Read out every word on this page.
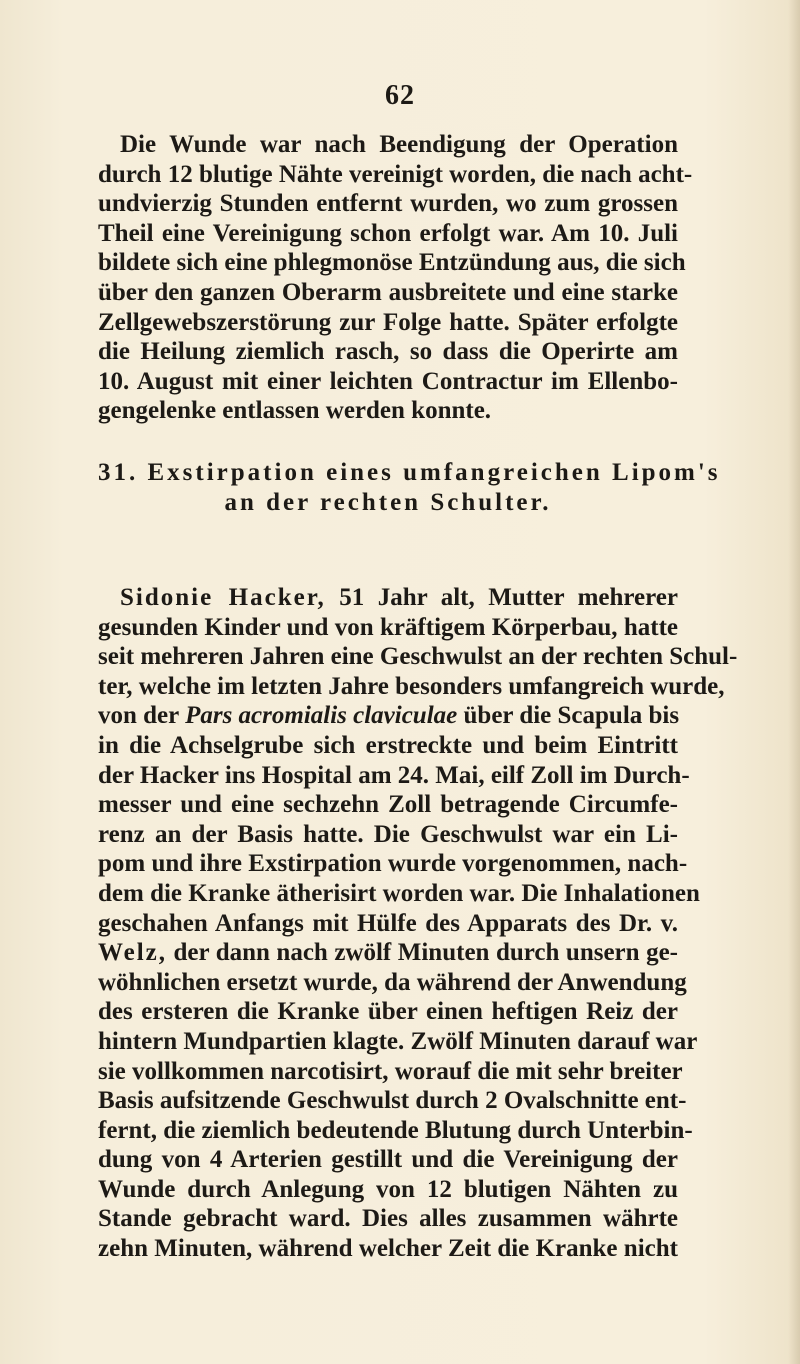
62
Die Wunde war nach Beendigung der Operation
durch 12 blutige Nähte vereinigt worden, die nach acht-
undvierzig Stunden entfernt wurden, wo zum grossen
Theil eine Vereinigung schon erfolgt war. Am 10. Juli
bildete sich eine phlegmonöse Entzündung aus, die sich
über den ganzen Oberarm ausbreitete und eine starke
Zellgewebszerstörung zur Folge hatte. Später erfolgte
die Heilung ziemlich rasch, so dass die Operirte am
10. August mit einer leichten Contractur im Ellenbo-
gengelenke entlassen werden konnte.
31. Exstirpation eines umfangreichen Lipom's
an der rechten Schulter.
Sidonie Hacker, 51 Jahr alt, Mutter mehrerer
gesunden Kinder und von kräftigem Körperbau, hatte
seit mehreren Jahren eine Geschwulst an der rechten Schul-
ter, welche im letzten Jahre besonders umfangreich wurde,
von der Pars acromialis claviculae über die Scapula bis
in die Achselgrube sich erstreckte und beim Eintritt
der Hacker ins Hospital am 24. Mai, eilf Zoll im Durch-
messer und eine sechzehn Zoll betragende Circumfe-
renz an der Basis hatte. Die Geschwulst war ein Li-
pom und ihre Exstirpation wurde vorgenommen, nach-
dem die Kranke ätherisirt worden war. Die Inhalationen
geschahen Anfangs mit Hülfe des Apparats des Dr. v.
Welz, der dann nach zwölf Minuten durch unsern ge-
wöhnlichen ersetzt wurde, da während der Anwendung
des ersteren die Kranke über einen heftigen Reiz der
hintern Mundpartien klagte. Zwölf Minuten darauf war
sie vollkommen narcotisirt, worauf die mit sehr breiter
Basis aufsitzende Geschwulst durch 2 Ovalschnitte ent-
fernt, die ziemlich bedeutende Blutung durch Unterbin-
dung von 4 Arterien gestillt und die Vereinigung der
Wunde durch Anlegung von 12 blutigen Nähten zu
Stande gebracht ward. Dies alles zusammen währte
zehn Minuten, während welcher Zeit die Kranke nicht
